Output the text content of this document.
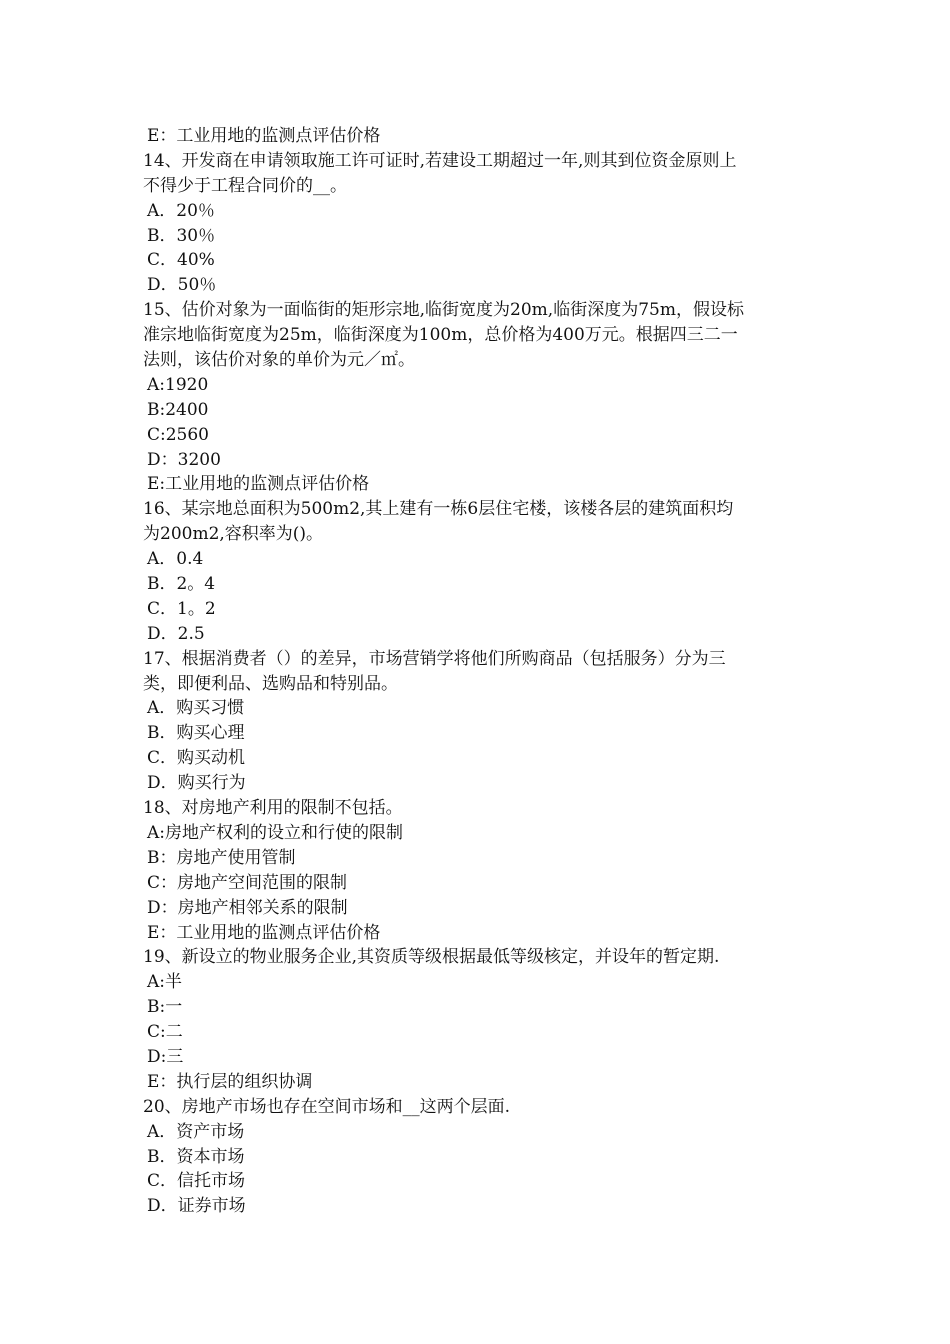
E：工业用地的监测点评估价格
14、开发商在申请领取施工许可证时,若建设工期超过一年,则其到位资金原则上
不得少于工程合同价的__。
A．20％
B．30％
C．40%
D．50％
15、估价对象为一面临街的矩形宗地,临街宽度为20m,临街深度为75m，假设标
准宗地临街宽度为25m，临街深度为100m，总价格为400万元。根据四三二一
法则，该估价对象的单价为元／㎡。
A:1920
B:2400
C:2560
D：3200
E:工业用地的监测点评估价格
16、某宗地总面积为500m2,其上建有一栋6层住宅楼，该楼各层的建筑面积均
为200m2,容积率为()。
A．0.4
B．2。4
C．1。2
D．2.5
17、根据消费者（）的差异，市场营销学将他们所购商品（包括服务）分为三
类，即便利品、选购品和特别品。
A．购买习惯
B．购买心理
C．购买动机
D．购买行为
18、对房地产利用的限制不包括。
A:房地产权利的设立和行使的限制
B：房地产使用管制
C：房地产空间范围的限制
D：房地产相邻关系的限制
E：工业用地的监测点评估价格
19、新设立的物业服务企业,其资质等级根据最低等级核定，并设年的暂定期.
A:半
B:一
C:二
D:三
E：执行层的组织协调
20、房地产市场也存在空间市场和__这两个层面.
A．资产市场
B．资本市场
C．信托市场
D．证券市场
